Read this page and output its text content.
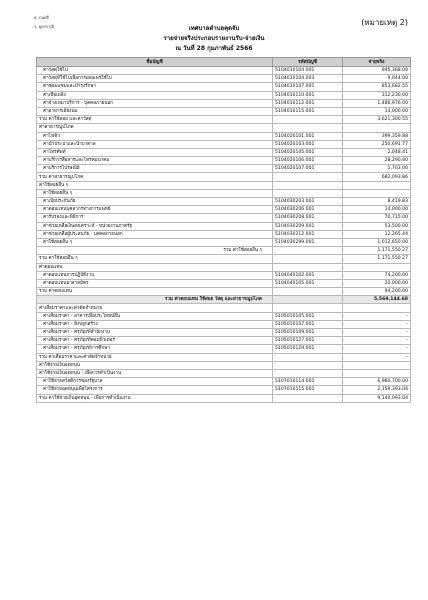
ธ. กนศรี
ร. อุดรราณี	(หมายเหตุ 2)
เทศบาลตำบลคุดจับ
รายจ่ายจริงประกอบรายงานรับ-จ่ายเงิน
ณ วันที่ 28 กุมภาพันธ์ 2566
ชื่อบัญชี	รหัสบัญชี	จ่ายจริง
ค่าวัสดุใช้ไป	5104010104.001	945,368.00
ค่าวัสดุที่ใช้ไปเพื่อการเผยแพร่ใช้ไป	5104010104.003	9,044.00
ค่าซ่อมแซมและบำรุงรักษา	5104010107.001	853,682.55
ค่าเชื้อเพลิง	5104010110.001	312,230.00
ค่าจ้างเหมาบริการ - บุคคลภายนอก	5104010112.001	1,486,976.00
ค่าอาหารเลี้ยงนม	5104010115.001	14,000.00
รวม ค่าใช้สอย และค่าวัสดุ		3,621,300.55
ค่าสาธารณูปโภค		
ค่าไฟฟ้า	5104020101.001	399,359.88
ค่าน้ำประปาและน้ำบาดาล	5104020103.001	250,691.77
ค่าโทรศัพท์	5104020105.001	2,048.41
ค่าบริการสื่อสารและโทรคมนาคม	5104020106.001	28,290.80
ค่าบริการไปรษณีย์	5104020107.001	1,703.00
รวม ค่าสาธารณูปโภค		682,093.86
ค่าใช้สอยอื่น ๆ		
ค่าใช้สอยอื่น ๆ		
ค่าเบี้ยประกันภัย	5104030203.001	8,419.83
ค่าตอบแทนบุคลากรทางการแพทย์	5104030206.001	14,000.00
ค่ารับรองและพิธีการ	5104030208.001	70,715.00
ค่าช่วยเหลือเงินสงเคราะห์ - หน่วยงานภาครัฐ	5104030209.001	53,500.00
ค่าช่วยเหลือผู้ประสบภัย - บุคคลภายนอก	5104030212.001	12,265.44
ค่าใช้สอยอื่น ๆ	5104030299.001	1,012,650.00
รวม ค่าใช้สอยอื่น ๆ		1,171,550.27
รวม ค่าใช้สอยอื่น ๆ		1,171,550.27
ค่าตอบแทน		
ค่าตอบแทนการปฏิบัติงาน	5104040102.001	74,200.00
ค่าตอบแทนอาสาสมัคร	5104040105.001	20,000.00
รวม ค่าตอบแทน		94,200.00
รวม ค่าตอบแทน ใช้สอย วัสดุ และสาธารณูปโภค		5,569,144.68
ค่าเสื่อมราคาและค่าตัดจำหน่าย		
ค่าเสื่อมราคา - อาคารเพื่อประโยชน์อื่น	5105010105.001	-
ค่าเสื่อมราคา - สิ่งปลูกสร้าง	5105010107.001	-
ค่าเสื่อมราคา - ครุภัณฑ์สำนักงาน	5105010109.001	-
ค่าเสื่อมราคา - ครุภัณฑ์คอมพิวเตอร์	5105010127.001	-
ค่าเสื่อมราคา - ครุภัณฑ์การศึกษา	5105010129.001	-
รวม ค่าเสื่อมราคาและค่าตัดจำหน่าย		-
ค่าใช้จ่ายเงินอุดหนุน		
ค่าใช้จ่ายเงินอุดหนุน - เพื่อการดำเนินงาน		
ค่าใช้จ่ายสวัสดิการของรัฐบาล	5107010114.001	6,980,700.00
ค่าใช้จ่ายอุดหนุนเพื่อโครงการ	5107010115.001	2,159,393.04
รวม ค่าใช้จ่ายเงินอุดหนุน - เพื่อการดำเนินงาน		9,140,093.04
